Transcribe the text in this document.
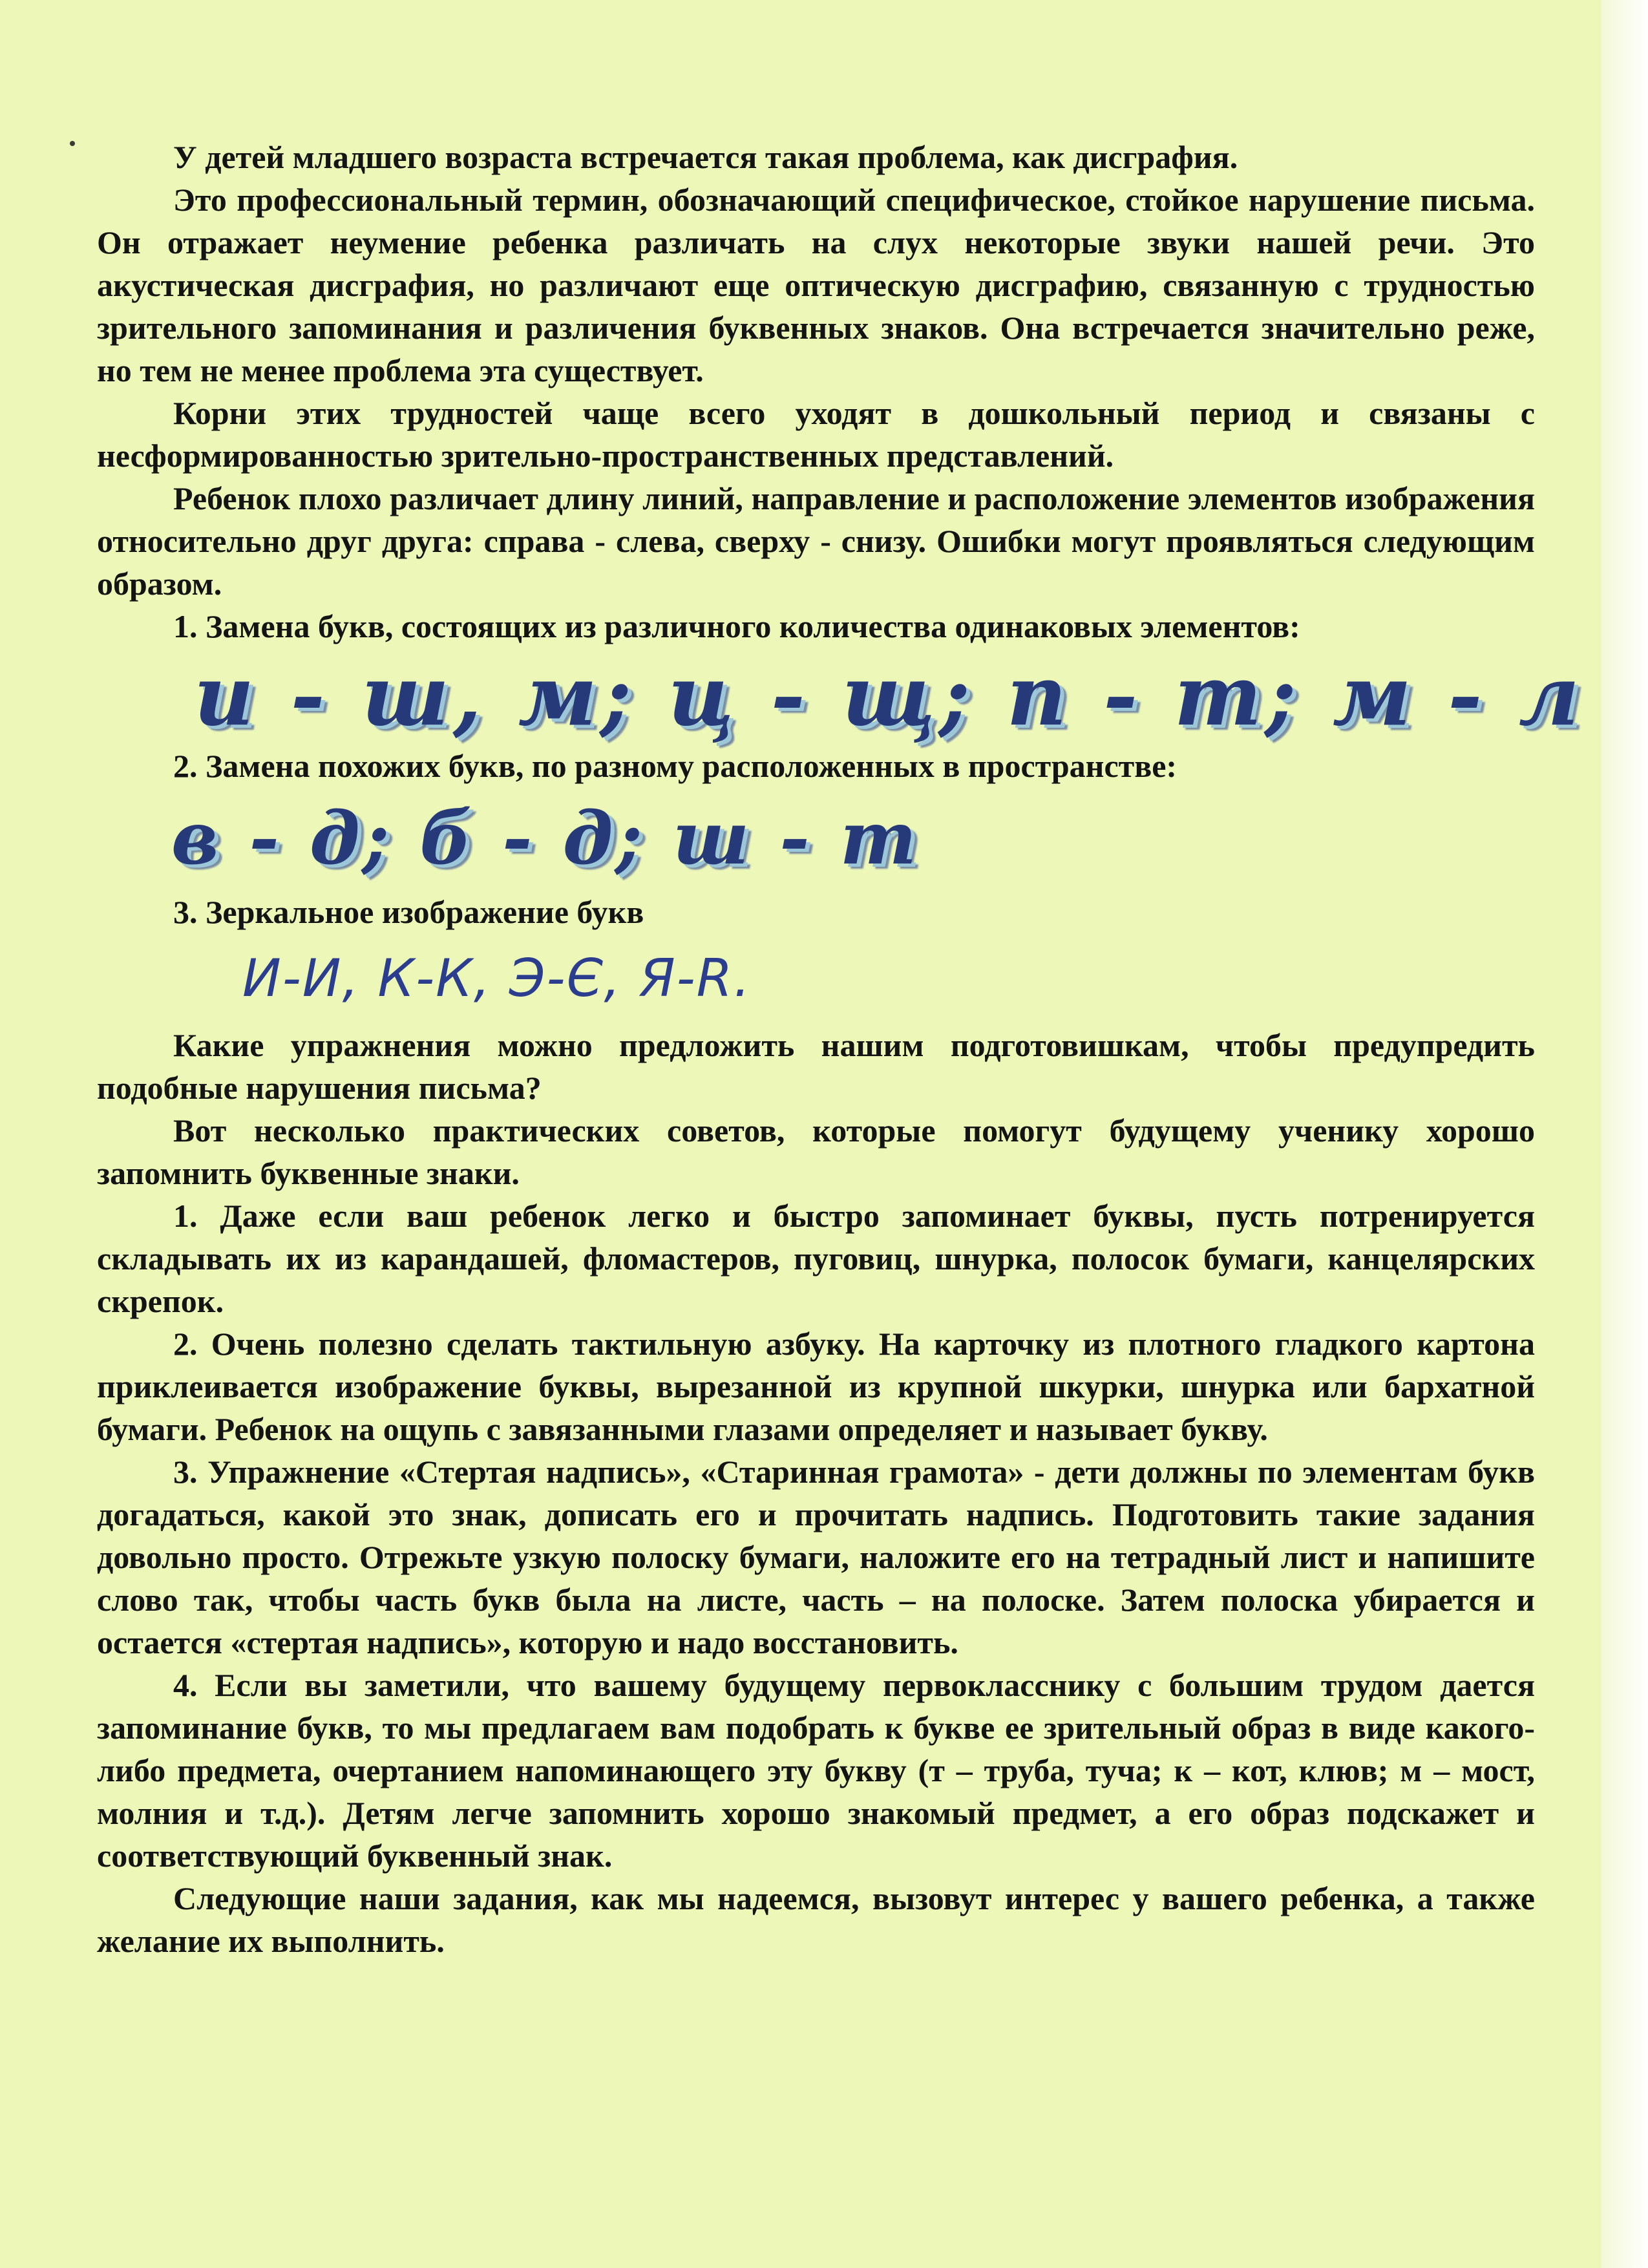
У детей младшего возраста встречается такая проблема, как дисграфия.

Это профессиональный термин, обозначающий специфическое, стойкое нарушение письма. Он отражает неумение ребенка различать на слух некоторые звуки нашей речи. Это акустическая дисграфия, но различают еще оптическую дисграфию, связанную с трудностью зрительного запоминания и различения буквенных знаков. Она встречается значительно реже, но тем не менее проблема эта существует.

Корни этих трудностей чаще всего уходят в дошкольный период и связаны с несформированностью зрительно-пространственных представлений.

Ребенок плохо различает длину линий, направление и расположение элементов изображения относительно друг друга: справа - слева, сверху - снизу. Ошибки могут проявляться следующим образом.

1. Замена букв, состоящих из различного количества одинаковых элементов:

и - ш, м; ц - щ; п - т; м - л

2. Замена похожих букв, по разному расположенных в пространстве:

в - д; б - д; ш - т

3. Зеркальное изображение букв

И-И, К-К, Э-Є, Я-R.

Какие упражнения можно предложить нашим подготовишкам, чтобы предупредить подобные нарушения письма?

Вот несколько практических советов, которые помогут будущему ученику хорошо запомнить буквенные знаки.

1. Даже если ваш ребенок легко и быстро запоминает буквы, пусть потренируется складывать их из карандашей, фломастеров, пуговиц, шнурка, полосок бумаги, канцелярских скрепок.

2. Очень полезно сделать тактильную азбуку. На карточку из плотного гладкого картона приклеивается изображение буквы, вырезанной из крупной шкурки, шнурка или бархатной бумаги. Ребенок на ощупь с завязанными глазами определяет и называет букву.

3. Упражнение «Стертая надпись», «Старинная грамота» - дети должны по элементам букв догадаться, какой это знак, дописать его и прочитать надпись. Подготовить такие задания довольно просто. Отрежьте узкую полоску бумаги, наложите его на тетрадный лист и напишите слово так, чтобы часть букв была на листе, часть – на полоске. Затем полоска убирается и остается «стертая надпись», которую и надо восстановить.

4. Если вы заметили, что вашему будущему первокласснику с большим трудом дается запоминание букв, то мы предлагаем вам подобрать к букве ее зрительный образ в виде какого-либо предмета, очертанием напоминающего эту букву (т – труба, туча; к – кот, клюв; м – мост, молния и т.д.). Детям легче запомнить хорошо знакомый предмет, а его образ подскажет и соответствующий буквенный знак.

Следующие наши задания, как мы надеемся, вызовут интерес у вашего ребенка, а также желание их выполнить.
